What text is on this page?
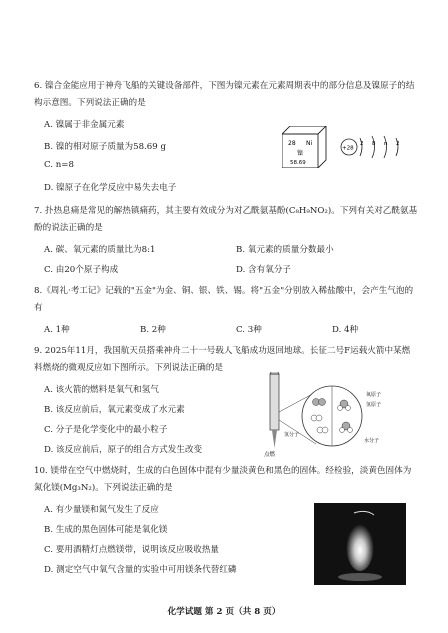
6. 镍合金能应用于神舟飞船的关键设备部件，下图为镍元素在元素周期表中的部分信息及镍原子的结构示意图。下列说法正确的是
A. 镍属于非金属元素
B. 镍的相对原子质量为58.69 g
C. n=8
D. 镍原子在化学反应中易失去电子
28 Ni
镍
58.69
+28
2 8 n 2
7. 扑热息痛是常见的解热镇痛药，其主要有效成分为对乙酰氨基酚(C₈H₉NO₂)。下列有关对乙酰氨基酚的说法正确的是
A. 碳、氧元素的质量比为8:1	B. 氧元素的质量分数最小
C. 由20个原子构成	D. 含有氧分子
8.《周礼·考工记》记载的"五金"为金、铜、银、铁、锡。将"五金"分别放入稀盐酸中，会产生气泡的有
A. 1种	B. 2种	C. 3种	D. 4种
9. 2025年11月，我国航天员搭乘神舟二十一号载人飞船成功返回地球。长征二号F运载火箭中某燃料燃烧的微观反应如下图所示。下列说法正确的是
A. 该火箭的燃料是氧气和氢气
B. 该反应前后，氧元素变成了水元素
C. 分子是化学变化中的最小粒子
D. 该反应前后，原子的组合方式发生改变	点燃
氢分子
水分子
氧原子
氢原子
10. 镁带在空气中燃烧时，生成的白色固体中混有少量淡黄色和黑色的固体。经检验，淡黄色固体为氮化镁(Mg₃N₂)。下列说法正确的是
A. 有少量镁和氮气发生了反应
B. 生成的黑色固体可能是氧化镁
C. 要用酒精灯点燃镁带，说明该反应吸收热量
D. 测定空气中氧气含量的实验中可用镁条代替红磷
化学试题 第 2 页（共 8 页）
